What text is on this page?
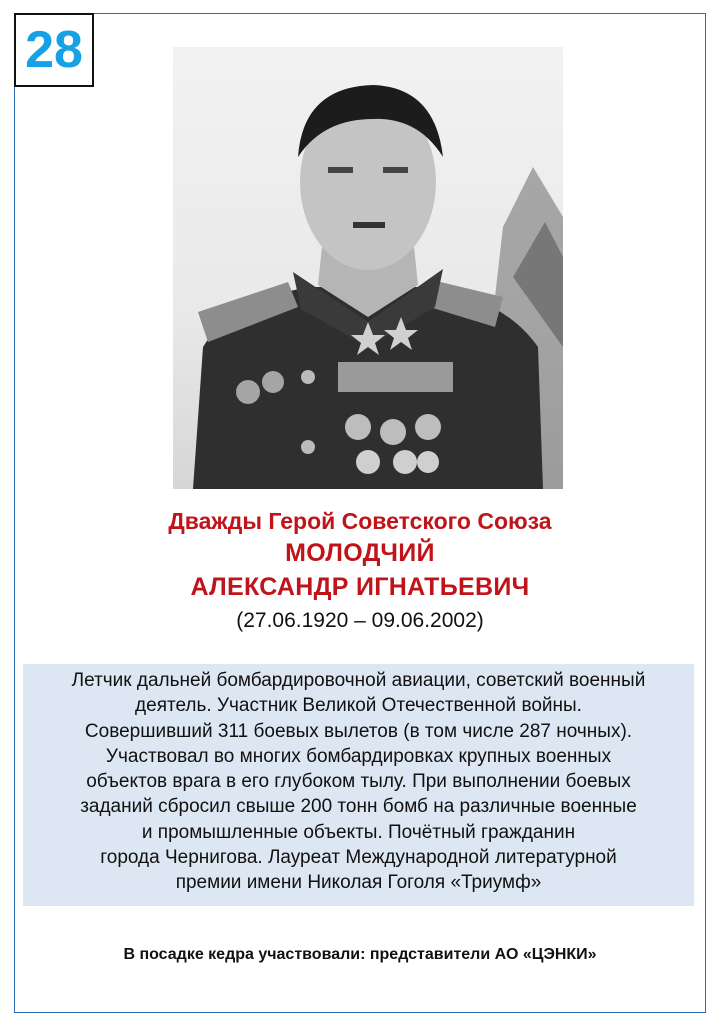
28
Дважды Герой Советского Союза
МОЛОДЧИЙ
АЛЕКСАНДР ИГНАТЬЕВИЧ
(27.06.1920 – 09.06.2002)

Летчик дальней бомбардировочной авиации, советский военный

деятель. Участник Великой Отечественной войны.

Совершивший 311 боевых вылетов (в том числе 287 ночных).

Участвовал во многих бомбардировках крупных военных

объектов врага в его глубоком тылу. При выполнении боевых

заданий сбросил свыше 200 тонн бомб на различные военные

и промышленные объекты. Почётный гражданин

города Чернигова. Лауреат Международной литературной

премии имени Николая Гоголя «Триумф»

В посадке кедра участвовали: представители АО «ЦЭНКИ»
